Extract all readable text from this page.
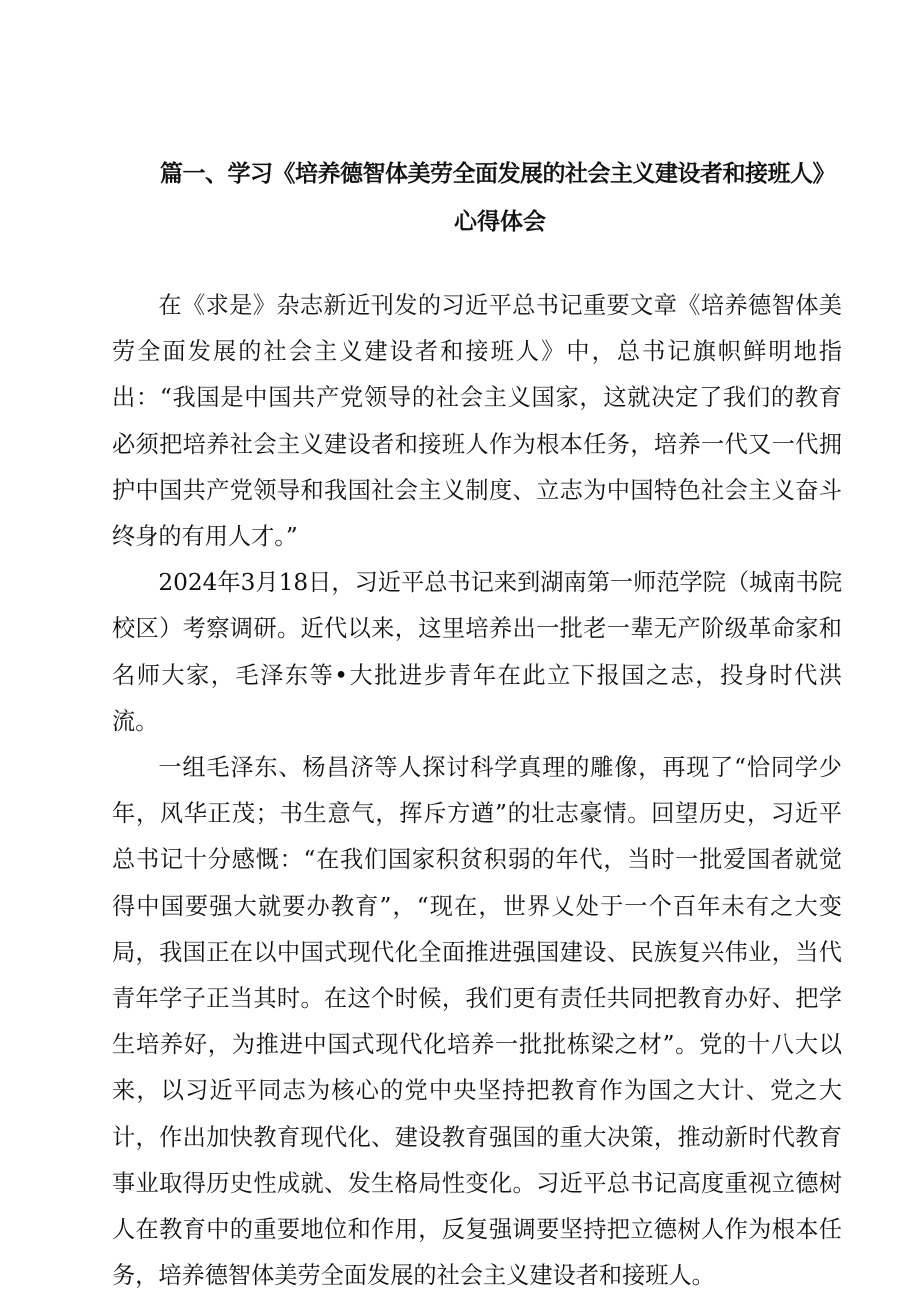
篇一、学习《培养德智体美劳全面发展的社会主义建设者和接班人》
心得体会

在《求是》杂志新近刊发的习近平总书记重要文章《培养德智体美劳全面发展的社会主义建设者和接班人》中，总书记旗帜鲜明地指出：“我国是中国共产党领导的社会主义国家，这就决定了我们的教育必须把培养社会主义建设者和接班人作为根本任务，培养一代又一代拥护中国共产党领导和我国社会主义制度、立志为中国特色社会主义奋斗终身的有用人才。”

2024年3月18日，习近平总书记来到湖南第一师范学院（城南书院校区）考察调研。近代以来，这里培养出一批老一辈无产阶级革命家和名师大家，毛泽东等•大批进步青年在此立下报国之志，投身时代洪流。

一组毛泽东、杨昌济等人探讨科学真理的雕像，再现了“恰同学少年，风华正茂；书生意气，挥斥方遒”的壮志豪情。回望历史，习近平总书记十分感慨：“在我们国家积贫积弱的年代，当时一批爱国者就觉得中国要强大就要办教育”，“现在，世界乂处于一个百年未有之大变局，我国正在以中国式现代化全面推进强国建设、民族复兴伟业，当代青年学子正当其时。在这个时候，我们更有责任共同把教育办好、把学生培养好，为推进中国式现代化培养一批批栋梁之材”。党的十八大以来，以习近平同志为核心的党中央坚持把教育作为国之大计、党之大计，作出加快教育现代化、建设教育强国的重大决策，推动新时代教育事业取得历史性成就、发生格局性变化。习近平总书记高度重视立德树人在教育中的重要地位和作用，反复强调要坚持把立德树人作为根本任务，培养德智体美劳全面发展的社会主义建设者和接班人。
